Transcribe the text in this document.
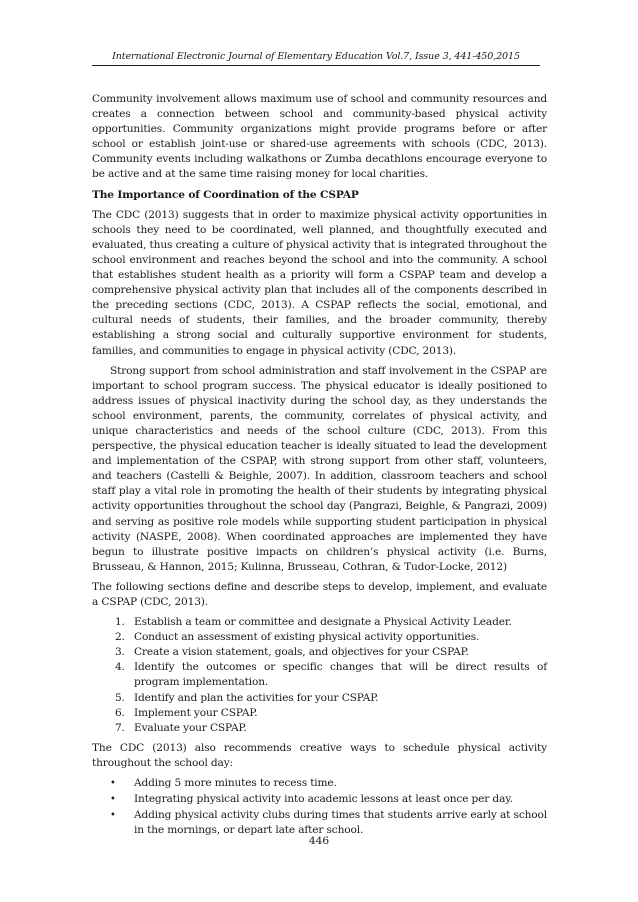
International Electronic Journal of Elementary Education Vol.7, Issue 3, 441-450,2015

Community involvement allows maximum use of school and community resources and creates a connection between school and community-based physical activity opportunities. Community organizations might provide programs before or after school or establish joint-use or shared-use agreements with schools (CDC, 2013). Community events including walkathons or Zumba decathlons encourage everyone to be active and at the same time raising money for local charities.

The Importance of Coordination of the CSPAP

The CDC (2013) suggests that in order to maximize physical activity opportunities in schools they need to be coordinated, well planned, and thoughtfully executed and evaluated, thus creating a culture of physical activity that is integrated throughout the school environment and reaches beyond the school and into the community. A school that establishes student health as a priority will form a CSPAP team and develop a comprehensive physical activity plan that includes all of the components described in the preceding sections (CDC, 2013). A CSPAP reflects the social, emotional, and cultural needs of students, their families, and the broader community, thereby establishing a strong social and culturally supportive environment for students, families, and communities to engage in physical activity (CDC, 2013).

Strong support from school administration and staff involvement in the CSPAP are important to school program success. The physical educator is ideally positioned to address issues of physical inactivity during the school day, as they understands the school environment, parents, the community, correlates of physical activity, and unique characteristics and needs of the school culture (CDC, 2013). From this perspective, the physical education teacher is ideally situated to lead the development and implementation of the CSPAP, with strong support from other staff, volunteers, and teachers (Castelli & Beighle, 2007). In addition, classroom teachers and school staff play a vital role in promoting the health of their students by integrating physical activity opportunities throughout the school day (Pangrazi, Beighle, & Pangrazi, 2009) and serving as positive role models while supporting student participation in physical activity (NASPE, 2008). When coordinated approaches are implemented they have begun to illustrate positive impacts on children’s physical activity (i.e. Burns, Brusseau, & Hannon, 2015; Kulinna, Brusseau, Cothran, & Tudor-Locke, 2012)

The following sections define and describe steps to develop, implement, and evaluate a CSPAP (CDC, 2013).

1. Establish a team or committee and designate a Physical Activity Leader.
2. Conduct an assessment of existing physical activity opportunities.
3. Create a vision statement, goals, and objectives for your CSPAP.
4. Identify the outcomes or specific changes that will be direct results of program implementation.
5. Identify and plan the activities for your CSPAP.
6. Implement your CSPAP.
7. Evaluate your CSPAP.

The CDC (2013) also recommends creative ways to schedule physical activity throughout the school day:

• Adding 5 more minutes to recess time.
• Integrating physical activity into academic lessons at least once per day.
• Adding physical activity clubs during times that students arrive early at school in the mornings, or depart late after school.
446
